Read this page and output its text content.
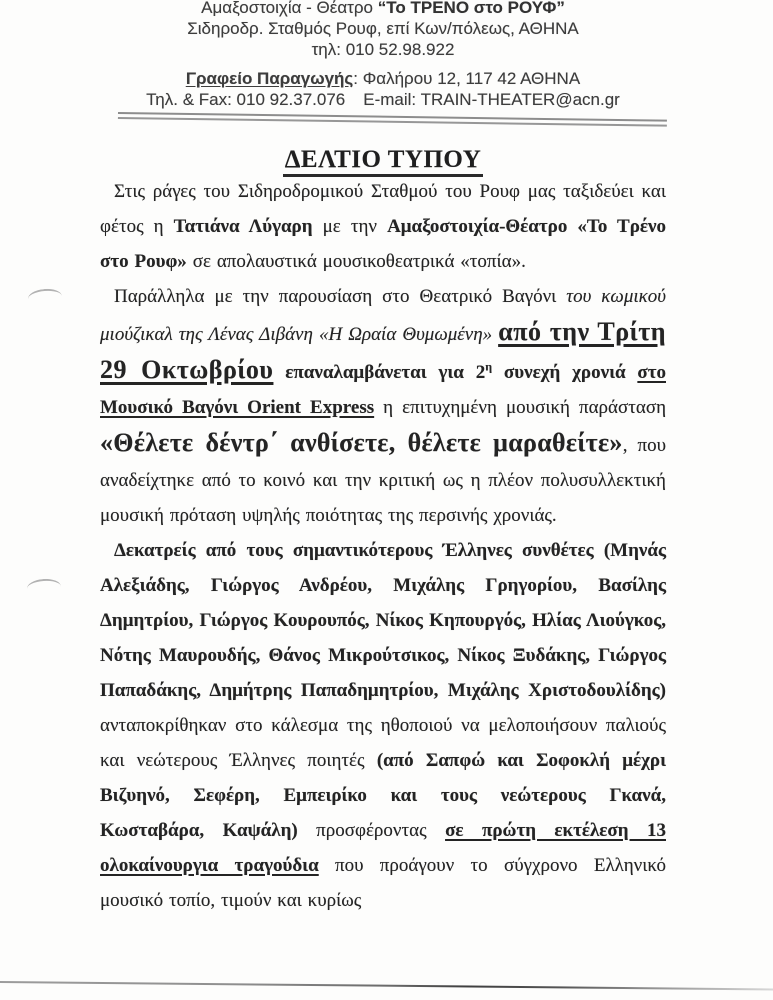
Αμαξοστοιχία - Θέατρο “Το ΤΡΕΝΟ στο ΡΟΥΦ”
Σιδηροδρ. Σταθμός Ρουφ, επί Κων/πόλεως, ΑΘΗΝΑ
τηλ: 010 52.98.922
Γραφείο Παραγωγής: Φαλήρου 12, 117 42 ΑΘΗΝΑ
Τηλ. & Fax: 010 92.37.076 E-mail: TRAIN-THEATER@acn.gr
ΔΕΛΤΙΟ ΤΥΠΟΥ

Στις ράγες του Σιδηροδρομικού Σταθμού του Ρουφ μας ταξιδεύει και φέτος η Τατιάνα Λύγαρη με την Αμαξοστοιχία-Θέατρο «Το Τρένο στο Ρουφ» σε απολαυστικά μουσικοθεατρικά «τοπία».

Παράλληλα με την παρουσίαση στο Θεατρικό Βαγόνι του κωμικού μιούζικαλ της Λένας Διβάνη «Η Ωραία Θυμωμένη» από την Τρίτη 29 Οκτωβρίου επαναλαμβάνεται για $2^\eta$ συνεχή χρονιά στο Μουσικό Βαγόνι Orient Express η επιτυχημένη μουσική παράσταση «Θέλετε δέντρ΄ ανθίσετε, θέλετε μαραθείτε», που αναδείχτηκε από το κοινό και την κριτική ως η πλέον πολυσυλλεκτική μουσική πρόταση υψηλής ποιότητας της περσινής χρονιάς.

Δεκατρείς από τους σημαντικότερους Έλληνες συνθέτες (Μηνάς Αλεξιάδης, Γιώργος Ανδρέου, Μιχάλης Γρηγορίου, Βασίλης Δημητρίου, Γιώργος Κουρουπός, Νίκος Κηπουργός, Ηλίας Λιούγκος, Νότης Μαυρουδής, Θάνος Μικρούτσικος, Νίκος Ξυδάκης, Γιώργος Παπαδάκης, Δημήτρης Παπαδημητρίου, Μιχάλης Χριστοδουλίδης) ανταποκρίθηκαν στο κάλεσμα της ηθοποιού να μελοποιήσουν παλιούς και νεώτερους Έλληνες ποιητές (από Σαπφώ και Σοφοκλή μέχρι Βιζυηνό, Σεφέρη, Εμπειρίκο και τους νεώτερους Γκανά, Κωσταβάρα, Καψάλη) προσφέροντας σε πρώτη εκτέλεση 13 ολοκαίνουργια τραγούδια που προάγουν το σύγχρονο Ελληνικό μουσικό τοπίο, τιμούν και κυρίως
